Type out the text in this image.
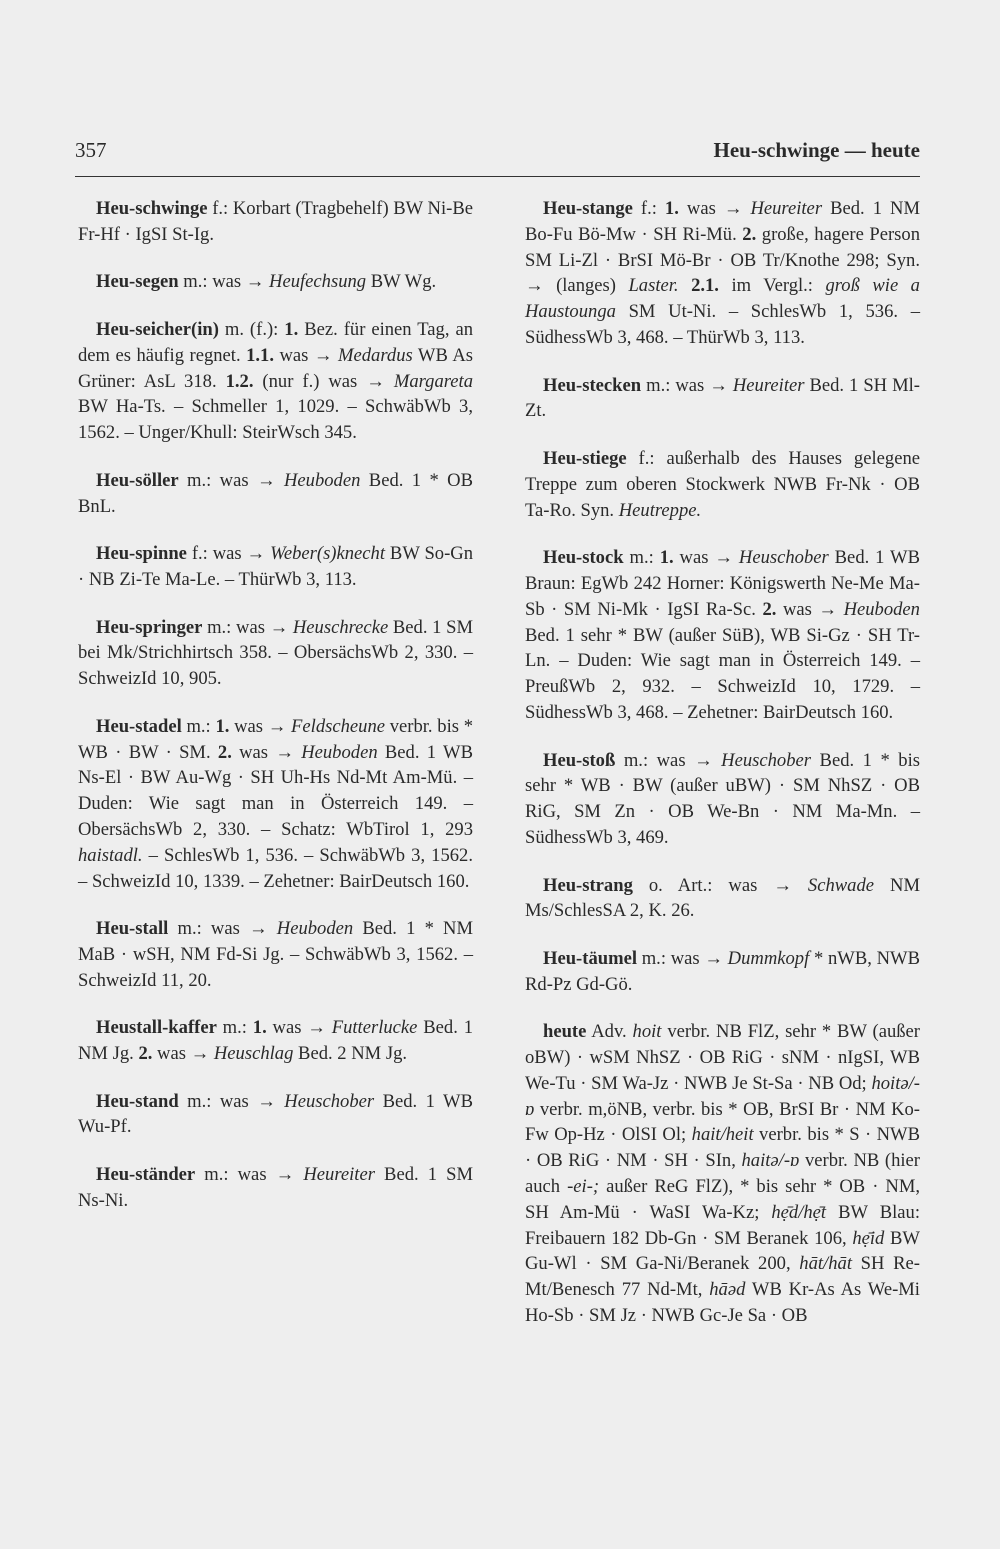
357	Heu-schwinge — heute

Heu-schwinge f.: Korbart (Tragbehelf) BW Ni-Be Fr-Hf · IgSI St-Ig.

Heu-segen m.: was → Heufechsung BW Wg.

Heu-seicher(in) m. (f.): 1. Bez. für einen Tag, an dem es häufig regnet. 1.1. was → Medardus WB As Grüner: AsL 318. 1.2. (nur f.) was → Margareta BW Ha-Ts. – Schmeller 1, 1029. – SchwäbWb 3, 1562. – Unger/Khull: SteirWsch 345.

Heu-söller m.: was → Heuboden Bed. 1 * OB BnL.

Heu-spinne f.: was → Weber(s)knecht BW So-Gn · NB Zi-Te Ma-Le. – ThürWb 3, 113.

Heu-springer m.: was → Heuschrecke Bed. 1 SM bei Mk/Strichhirtsch 358. – ObersächsWb 2, 330. – SchweizId 10, 905.

Heu-stadel m.: 1. was → Feldscheune verbr. bis * WB · BW · SM. 2. was → Heuboden Bed. 1 WB Ns-El · BW Au-Wg · SH Uh-Hs Nd-Mt Am-Mü. – Duden: Wie sagt man in Österreich 149. – ObersächsWb 2, 330. – Schatz: WbTirol 1, 293 haistadl. – SchlesWb 1, 536. – SchwäbWb 3, 1562. – SchweizId 10, 1339. – Zehetner: BairDeutsch 160.

Heu-stall m.: was → Heuboden Bed. 1 * NM MaB · wSH, NM Fd-Si Jg. – SchwäbWb 3, 1562. – SchweizId 11, 20.

Heustall-kaffer m.: 1. was → Futterlucke Bed. 1 NM Jg. 2. was → Heuschlag Bed. 2 NM Jg.

Heu-stand m.: was → Heuschober Bed. 1 WB Wu-Pf.

Heu-ständer m.: was → Heureiter Bed. 1 SM Ns-Ni.

Heu-stange f.: 1. was → Heureiter Bed. 1 NM Bo-Fu Bö-Mw · SH Ri-Mü. 2. große, hagere Person SM Li-Zl · BrSI Mö-Br · OB Tr/Knothe 298; Syn. → (langes) Laster. 2.1. im Vergl.: groß wie a Haustounga SM Ut-Ni. – SchlesWb 1, 536. – SüdhessWb 3, 468. – ThürWb 3, 113.

Heu-stecken m.: was → Heureiter Bed. 1 SH Ml-Zt.

Heu-stiege f.: außerhalb des Hauses gelegene Treppe zum oberen Stockwerk NWB Fr-Nk · OB Ta-Ro. Syn. Heutreppe.

Heu-stock m.: 1. was → Heuschober Bed. 1 WB Braun: EgWb 242 Horner: Königswerth Ne-Me Ma-Sb · SM Ni-Mk · IgSI Ra-Sc. 2. was → Heuboden Bed. 1 sehr * BW (außer SüB), WB Si-Gz · SH Tr-Ln. – Duden: Wie sagt man in Österreich 149. – PreußWb 2, 932. – SchweizId 10, 1729. – SüdhessWb 3, 468. – Zehetner: BairDeutsch 160.

Heu-stoß m.: was → Heuschober Bed. 1 * bis sehr * WB · BW (außer uBW) · SM NhSZ · OB RiG, SM Zn · OB We-Bn · NM Ma-Mn. – SüdhessWb 3, 469.

Heu-strang o. Art.: was → Schwade NM Ms/SchlesSA 2, K. 26.

Heu-täumel m.: was → Dummkopf * nWB, NWB Rd-Pz Gd-Gö.

heute Adv. hoit verbr. NB FlZ, sehr * BW (außer oBW) · wSM NhSZ · OB RiG · sNM · nIgSI, WB We-Tu · SM Wa-Jz · NWB Je St-Sa · NB Od; hoitə/-ɒ verbr. m,öNB, verbr. bis * OB, BrSI Br · NM Ko-Fw Op-Hz · OlSI Ol; hait/heit verbr. bis * S · NWB · OB RiG · NM · SH · SIn, haitə/-ɒ verbr. NB (hier auch -ei-; außer ReG FlZ), * bis sehr * OB · NM, SH Am-Mü · WaSI Wa-Kz; hẹ̄d/hẹ̄t BW Blau: Freibauern 182 Db-Gn · SM Beranek 106, hẹ̄id BW Gu-Wl · SM Ga-Ni/Beranek 200, hāt/hāt SH Re-Mt/Benesch 77 Nd-Mt, hāəd WB Kr-As As We-Mi Ho-Sb · SM Jz · NWB Gc-Je Sa · OB
